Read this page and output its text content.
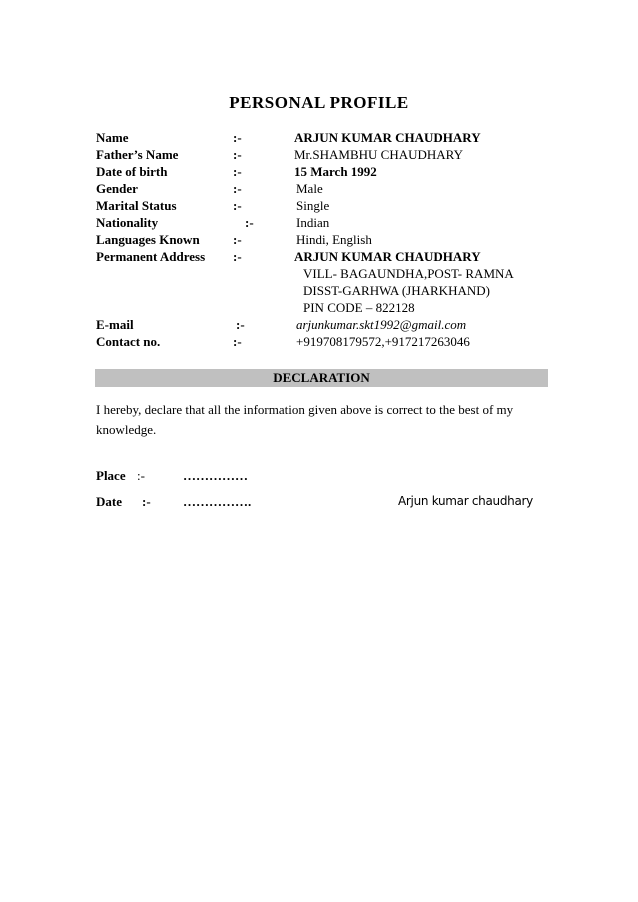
PERSONAL PROFILE
Name	:-	ARJUN KUMAR CHAUDHARY
Father’s Name	:-	Mr.SHAMBHU CHAUDHARY
Date of birth	:-	15 March 1992
Gender	:-	Male
Marital Status	:-	Single
Nationality	:-	Indian
Languages Known	:-	Hindi, English
Permanent Address :-	ARJUN KUMAR CHAUDHARY
VILL- BAGAUNDHA,POST- RAMNA
DISST-GARHWA (JHARKHAND)
PIN CODE – 822128
E-mail	:-	arjunkumar.skt1992@gmail.com
Contact no.	:-	+919708179572,+917217263046
DECLARATION
I hereby, declare that all the information given above is correct to the best of my knowledge.
Place :-	……………
Date :- …………….	Arjun kumar chaudhary
